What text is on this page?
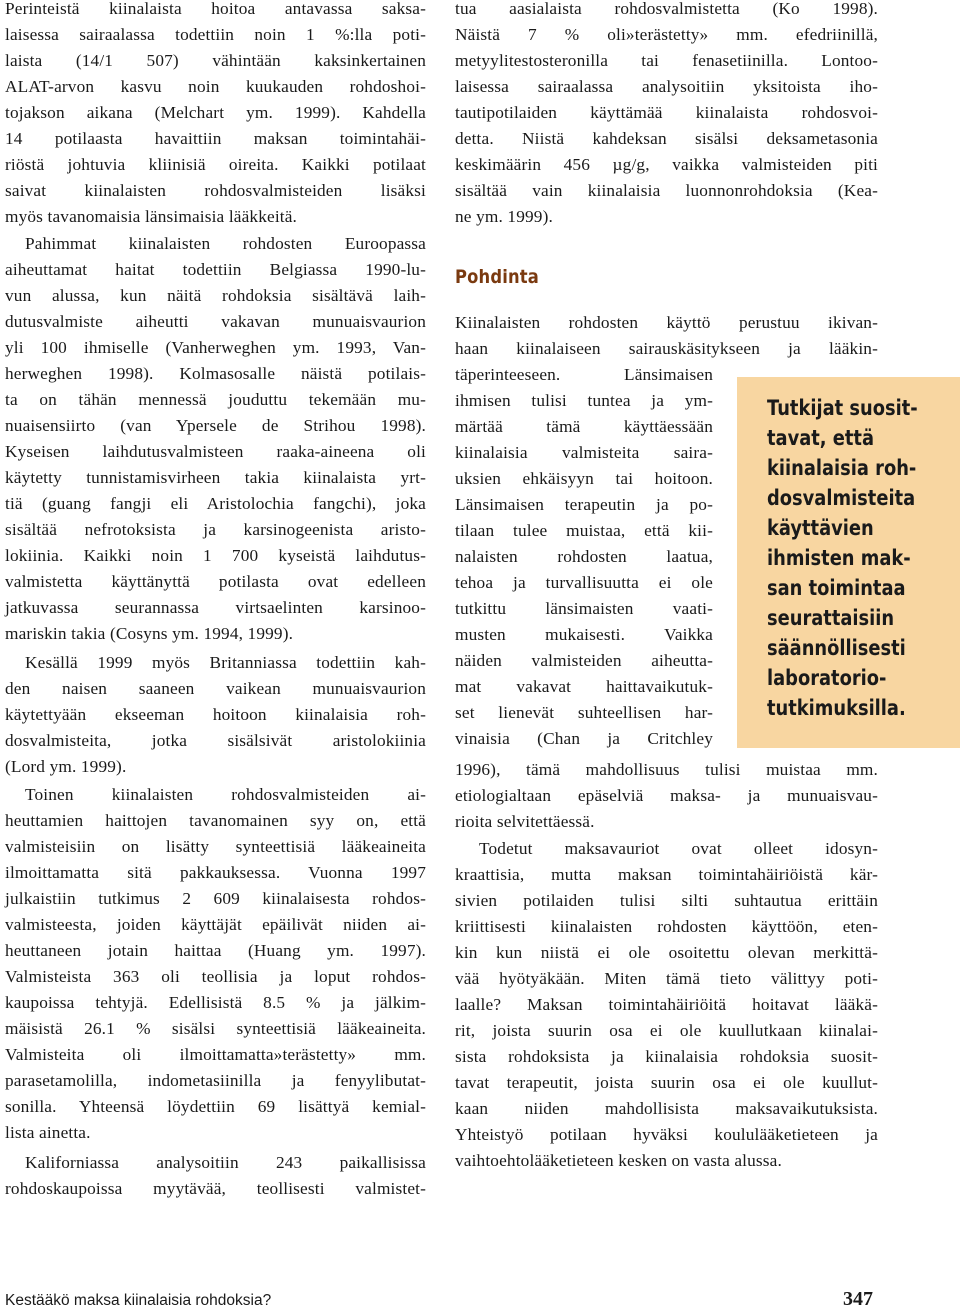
Perinteistä kiinalaista hoitoa antavassa saksa-
laisessa sairaalassa todettiin noin 1 %:lla poti-
laista (14/1 507) vähintään kaksinkertainen
ALAT-arvon kasvu noin kuukauden rohdoshoi-
tojakson aikana (Melchart ym. 1999). Kahdella
14 potilaasta havaittiin maksan toimintahäi-
riöstä johtuvia kliinisiä oireita. Kaikki potilaat
saivat kiinalaisten rohdosvalmisteiden lisäksi
myös tavanomaisia länsimaisia lääkkeitä.
Pahimmat kiinalaisten rohdosten Euroopassa
aiheuttamat haitat todettiin Belgiassa 1990-lu-
vun alussa, kun näitä rohdoksia sisältävä laih-
dutusvalmiste aiheutti vakavan munuaisvaurion
yli 100 ihmiselle (Vanherweghen ym. 1993, Van-
herweghen 1998). Kolmasosalle näistä potilais-
ta on tähän mennessä jouduttu tekemään mu-
nuaisensiirto (van Ypersele de Strihou 1998).
Kyseisen laihdutusvalmisteen raaka-aineena oli
käytetty tunnistamisvirheen takia kiinalaista yrt-
tiä (guang fangji eli Aristolochia fangchi), joka
sisältää nefrotoksista ja karsinogeenista aristo-
lokiinia. Kaikki noin 1 700 kyseistä laihdutus-
valmistetta käyttänyttä potilasta ovat edelleen
jatkuvassa seurannassa virtsaelinten karsinoo-
mariskin takia (Cosyns ym. 1994, 1999).
Kesällä 1999 myös Britanniassa todettiin kah-
den naisen saaneen vaikean munuaisvaurion
käytettyään ekseeman hoitoon kiinalaisia roh-
dosvalmisteita, jotka sisälsivät aristolokiinia
(Lord ym. 1999).
Toinen kiinalaisten rohdosvalmisteiden ai-
heuttamien haittojen tavanomainen syy on, että
valmisteisiin on lisätty synteettisiä lääkeaineita
ilmoittamatta sitä pakkauksessa. Vuonna 1997
julkaistiin tutkimus 2 609 kiinalaisesta rohdos-
valmisteesta, joiden käyttäjät epäilivät niiden ai-
heuttaneen jotain haittaa (Huang ym. 1997).
Valmisteista 363 oli teollisia ja loput rohdos-
kaupoissa tehtyjä. Edellisistä 8.5 % ja jälkim-
mäisistä 26.1 % sisälsi synteettisiä lääkeaineita.
Valmisteita oli ilmoittamatta»terästetty» mm.
parasetamolilla, indometasiinilla ja fenyylibutat-
sonilla. Yhteensä löydettiin 69 lisättyä kemial-
lista ainetta.
Kaliforniassa analysoitiin 243 paikallisissa
rohdoskaupoissa myytävää, teollisesti valmistet-
tua aasialaista rohdosvalmistetta (Ko 1998).
Näistä 7 % oli»terästetty» mm. efedriinillä,
metyylitestosteronilla tai fenasetiinilla. Lontoo-
laisessa sairaalassa analysoitiin yksitoista iho-
tautipotilaiden käyttämää kiinalaista rohdosvoi-
detta. Niistä kahdeksan sisälsi deksametasonia
keskimäärin 456 µg/g, vaikka valmisteiden piti
sisältää vain kiinalaisia luonnonrohdoksia (Kea-
ne ym. 1999).
Kiinalaisten rohdosten käyttö perustuu ikivan-
haan kiinalaiseen sairauskäsitykseen ja lääkin-
täperinteeseen. Länsimaisen
ihmisen tulisi tuntea ja ym-
märtää tämä käyttäessään
kiinalaisia valmisteita saira-
uksien ehkäisyyn tai hoitoon.
Länsimaisen terapeutin ja po-
tilaan tulee muistaa, että kii-
nalaisten rohdosten laatua,
tehoa ja turvallisuutta ei ole
tutkittu länsimaisten vaati-
musten mukaisesti. Vaikka
näiden valmisteiden aiheutta-
mat vakavat haittavaikutuk-
set lienevät suhteellisen har-
vinaisia (Chan ja Critchley
1996), tämä mahdollisuus tulisi muistaa mm.
etiologialtaan epäselviä maksa- ja munuaisvau-
rioita selvitettäessä.
Todetut maksavauriot ovat olleet idosyn-
kraattisia, mutta maksan toimintahäiriöistä kär-
sivien potilaiden tulisi silti suhtautua erittäin
kriittisesti kiinalaisten rohdosten käyttöön, eten-
kin kun niistä ei ole osoitettu olevan merkittä-
vää hyötyäkään. Miten tämä tieto välittyy poti-
laalle? Maksan toimintahäiriöitä hoitavat lääkä-
rit, joista suurin osa ei ole kuullutkaan kiinalai-
sista rohdoksista ja kiinalaisia rohdoksia suosit-
tavat terapeutit, joista suurin osa ei ole kuullut-
kaan niiden mahdollisista maksavaikutuksista.
Yhteistyö potilaan hyväksi koululääketieteen ja
vaihtoehtolääketieteen kesken on vasta alussa.
Pohdinta
Tutkijat suosit-
tavat, että
kiinalaisia roh-
dosvalmisteita
käyttävien
ihmisten mak-
san toimintaa
seurattaisiin
säännöllisesti
laboratorio-
tutkimuksilla.
Kestääkö maksa kiinalaisia rohdoksia?	347
